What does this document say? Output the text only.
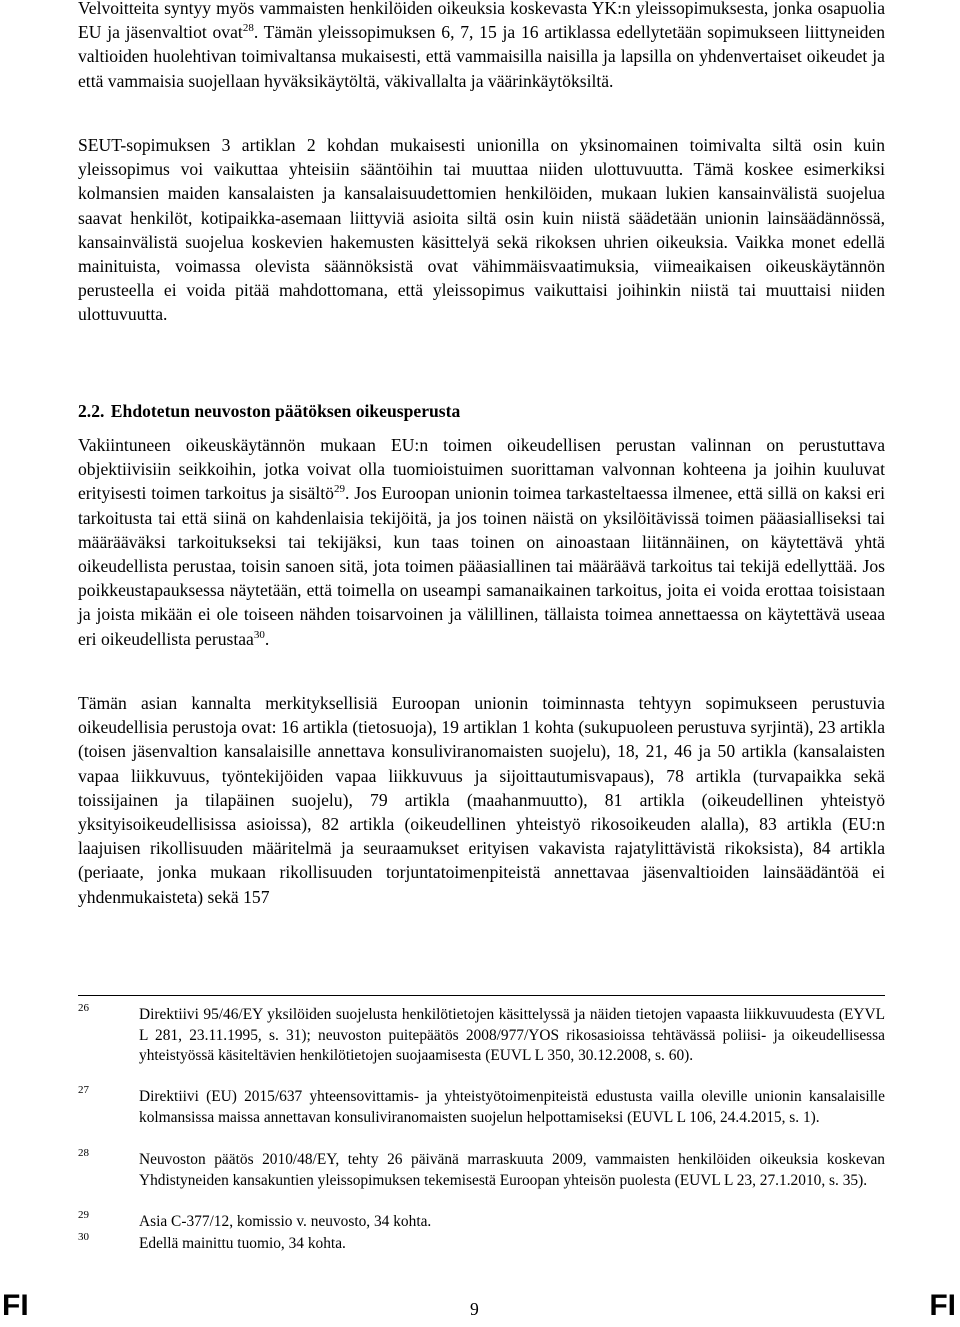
Velvoitteita syntyy myös vammaisten henkilöiden oikeuksia koskevasta YK:n yleissopimuksesta, jonka osapuolia EU ja jäsenvaltiot ovat$^{28}$. Tämän yleissopimuksen 6, 7, 15 ja 16 artiklassa edellytetään sopimukseen liittyneiden valtioiden huolehtivan toimivaltansa mukaisesti, että vammaisilla naisilla ja lapsilla on yhdenvertaiset oikeudet ja että vammaisia suojellaan hyväksikäytöltä, väkivallalta ja väärinkäytöksiltä.

SEUT-sopimuksen 3 artiklan 2 kohdan mukaisesti unionilla on yksinomainen toimivalta siltä osin kuin yleissopimus voi vaikuttaa yhteisiin sääntöihin tai muuttaa niiden ulottuvuutta. Tämä koskee esimerkiksi kolmansien maiden kansalaisten ja kansalaisuudettomien henkilöiden, mukaan lukien kansainvälistä suojelua saavat henkilöt, kotipaikka-asemaan liittyviä asioita siltä osin kuin niistä säädetään unionin lainsäädännössä, kansainvälistä suojelua koskevien hakemusten käsittelyä sekä rikoksen uhrien oikeuksia. Vaikka monet edellä mainituista, voimassa olevista säännöksistä ovat vähimmäisvaatimuksia, viimeaikaisen oikeuskäytännön perusteella ei voida pitää mahdottomana, että yleissopimus vaikuttaisi joihinkin niistä tai muuttaisi niiden ulottuvuutta.

2.2. Ehdotetun neuvoston päätöksen oikeusperusta

Vakiintuneen oikeuskäytännön mukaan EU:n toimen oikeudellisen perustan valinnan on perustuttava objektiivisiin seikkoihin, jotka voivat olla tuomioistuimen suorittaman valvonnan kohteena ja joihin kuuluvat erityisesti toimen tarkoitus ja sisältö$^{29}$. Jos Euroopan unionin toimea tarkasteltaessa ilmenee, että sillä on kaksi eri tarkoitusta tai että siinä on kahdenlaisia tekijöitä, ja jos toinen näistä on yksilöitävissä toimen pääasialliseksi tai määrääväksi tarkoitukseksi tai tekijäksi, kun taas toinen on ainoastaan liitännäinen, on käytettävä yhtä oikeudellista perustaa, toisin sanoen sitä, jota toimen pääasiallinen tai määräävä tarkoitus tai tekijä edellyttää. Jos poikkeustapauksessa näytetään, että toimella on useampi samanaikainen tarkoitus, joita ei voida erottaa toisistaan ja joista mikään ei ole toiseen nähden toisarvoinen ja välillinen, tällaista toimea annettaessa on käytettävä useaa eri oikeudellista perustaa$^{30}$.

Tämän asian kannalta merkityksellisiä Euroopan unionin toiminnasta tehtyyn sopimukseen perustuvia oikeudellisia perustoja ovat: 16 artikla (tietosuoja), 19 artiklan 1 kohta (sukupuoleen perustuva syrjintä), 23 artikla (toisen jäsenvaltion kansalaisille annettava konsuliviranomaisten suojelu), 18, 21, 46 ja 50 artikla (kansalaisten vapaa liikkuvuus, työntekijöiden vapaa liikkuvuus ja sijoittautumisvapaus), 78 artikla (turvapaikka sekä toissijainen ja tilapäinen suojelu), 79 artikla (maahanmuutto), 81 artikla (oikeudellinen yhteistyö yksityisoikeudellisissa asioissa), 82 artikla (oikeudellinen yhteistyö rikosoikeuden alalla), 83 artikla (EU:n laajuisen rikollisuuden määritelmä ja seuraamukset erityisen vakavista rajatylittävistä rikoksista), 84 artikla (periaate, jonka mukaan rikollisuuden torjuntatoimenpiteistä annettavaa jäsenvaltioiden lainsäädäntöä ei yhdenmukaisteta) sekä 157

26	Direktiivi 95/46/EY yksilöiden suojelusta henkilötietojen käsittelyssä ja näiden tietojen vapaasta liikkuvuudesta (EYVL L 281, 23.11.1995, s. 31); neuvoston puitepäätös 2008/977/YOS rikosasioissa tehtävässä poliisi- ja oikeudellisessa yhteistyössä käsiteltävien henkilötietojen suojaamisesta (EUVL L 350, 30.12.2008, s. 60).
27	Direktiivi (EU) 2015/637 yhteensovittamis- ja yhteistyötoimenpiteistä edustusta vailla oleville unionin kansalaisille kolmansissa maissa annettavan konsuliviranomaisten suojelun helpottamiseksi (EUVL L 106, 24.4.2015, s. 1).
28	Neuvoston päätös 2010/48/EY, tehty 26 päivänä marraskuuta 2009, vammaisten henkilöiden oikeuksia koskevan Yhdistyneiden kansakuntien yleissopimuksen tekemisestä Euroopan yhteisön puolesta (EUVL L 23, 27.1.2010, s. 35).
29	Asia C-377/12, komissio v. neuvosto, 34 kohta.
30	Edellä mainittu tuomio, 34 kohta.
FI	9	FI
